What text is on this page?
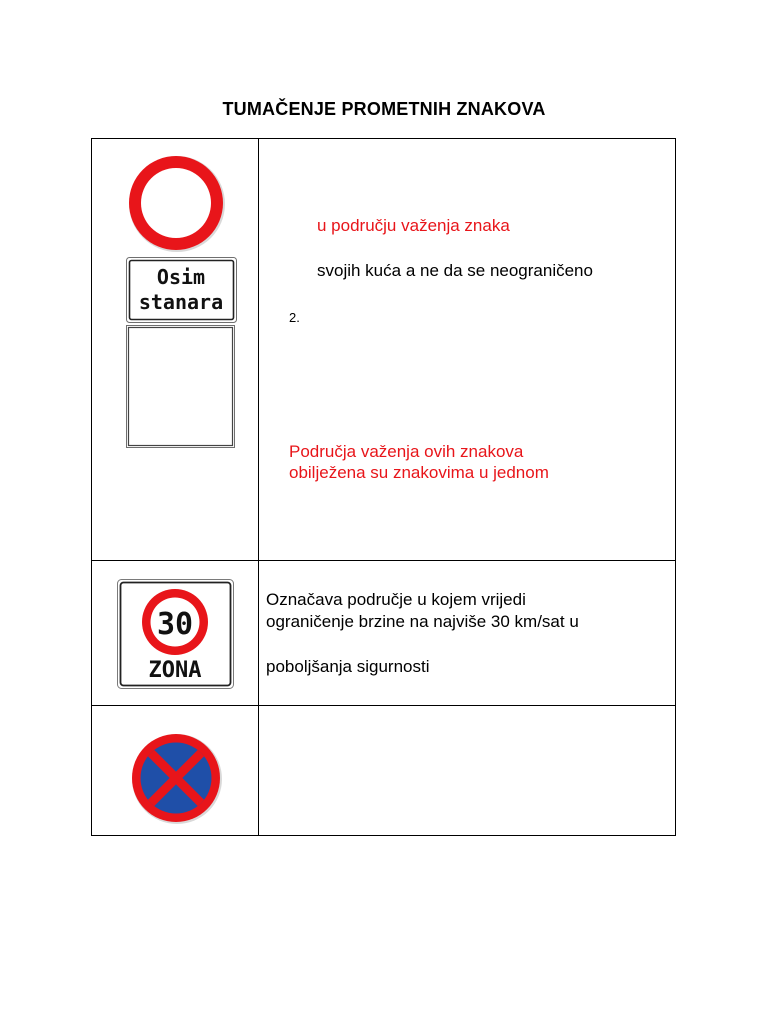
TUMAČENJE PROMETNIH ZNAKOVA
Osim
stanara
u području važenja znaka
svojih kuća a ne da se neograničeno
2.
Područja važenja ovih znakova
obilježena su znakovima u jednom
30
ZONA
Označava područje u kojem vrijedi
ograničenje brzine na najviše 30 km/sat u
poboljšanja sigurnosti
